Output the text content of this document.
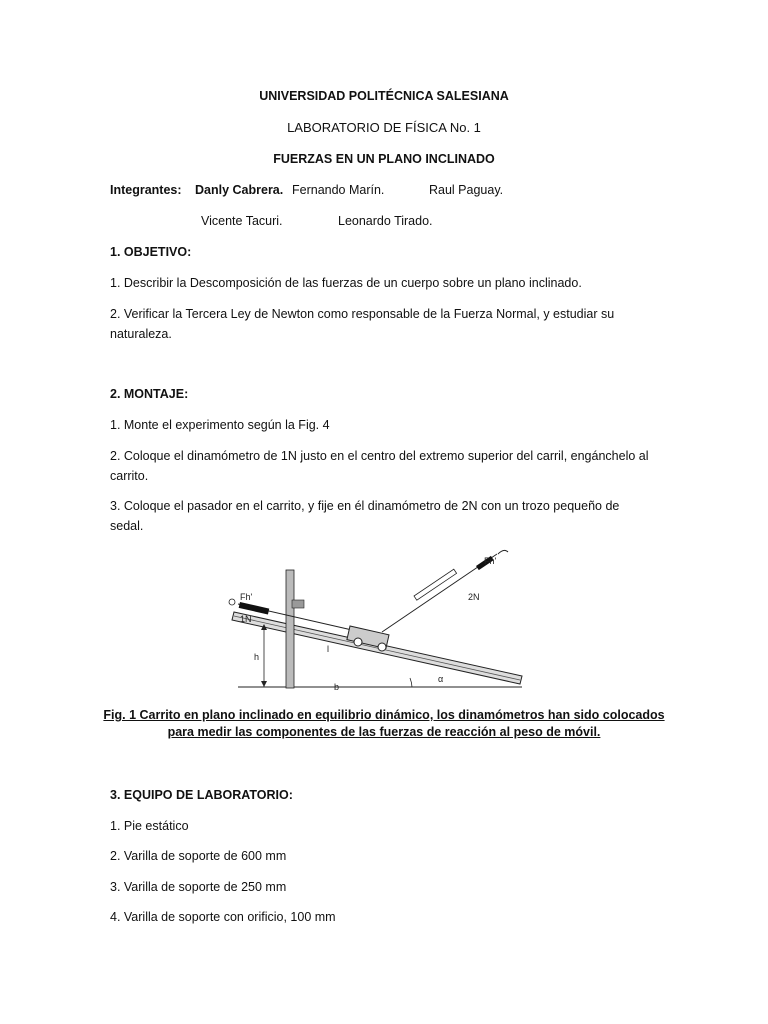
UNIVERSIDAD POLITÉCNICA SALESIANA
LABORATORIO DE FÍSICA No. 1
FUERZAS EN UN PLANO INCLINADO
Integrantes: Danly Cabrera. Fernando Marín.	Raul Paguay.
Vicente Tacuri.	Leonardo Tirado.
1. OBJETIVO:
1. Describir la Descomposición de las fuerzas de un cuerpo sobre un plano inclinado.
2. Verificar la Tercera Ley de Newton como responsable de la Fuerza Normal, y estudiar su naturaleza.
2. MONTAJE:
1. Monte el experimento según la Fig. 4
2. Coloque el dinamómetro de 1N justo en el centro del extremo superior del carril, engánchelo al carrito.
3. Coloque el pasador en el carrito, y fije en él dinamómetro de 2N con un trozo pequeño de sedal.
Fh'
Fn'
1N
2N
h
l
b
α
Fig. 1 Carrito en plano inclinado en equilibrio dinámico, los dinamómetros han sido colocados
para medir las componentes de las fuerzas de reacción al peso de móvil.
3. EQUIPO DE LABORATORIO:
1. Pie estático
2. Varilla de soporte de 600 mm
3. Varilla de soporte de 250 mm
4. Varilla de soporte con orificio, 100 mm
